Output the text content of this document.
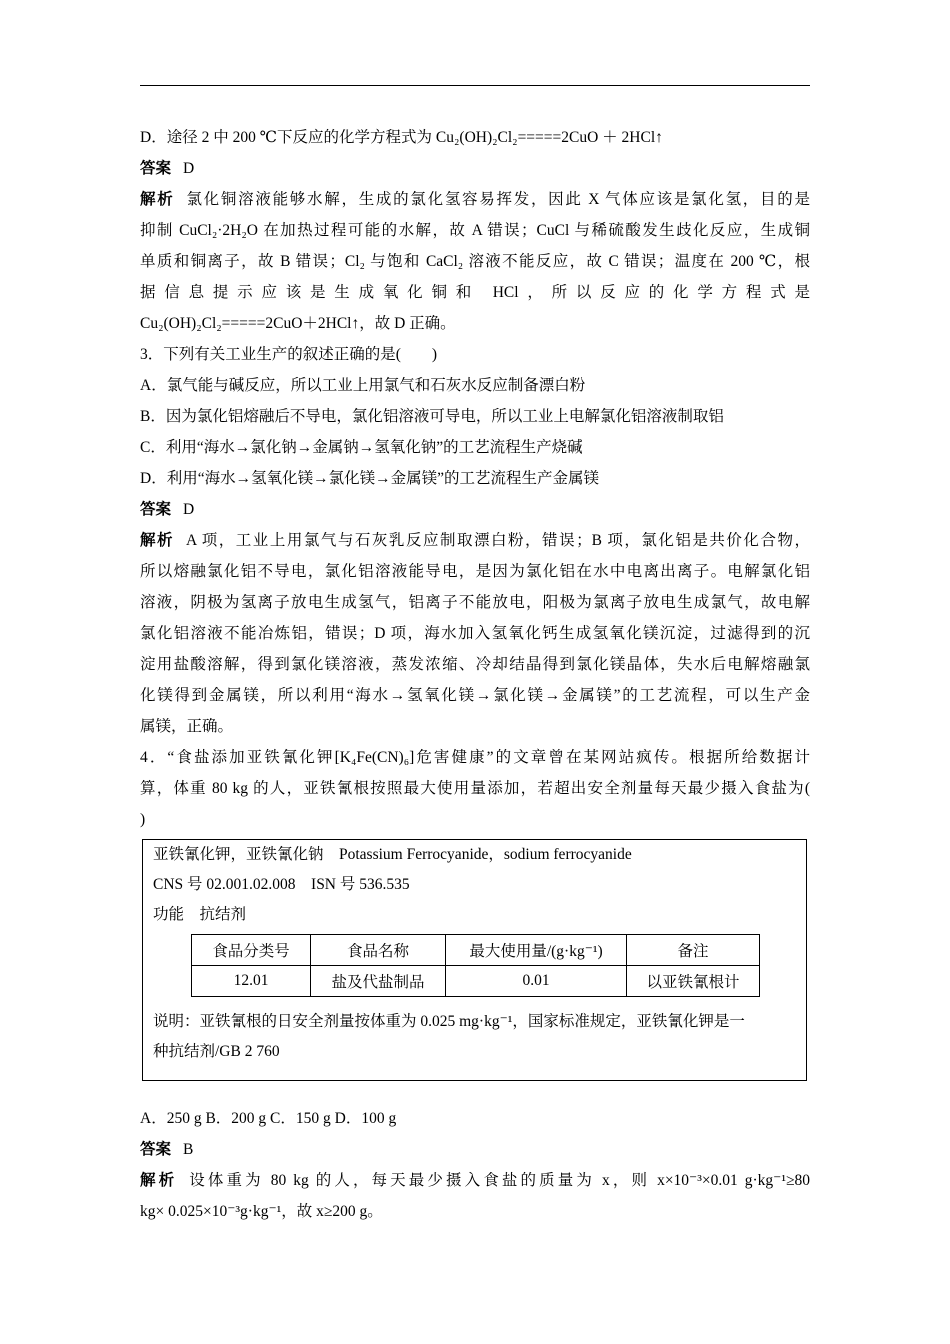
D．途径 2 中 200 ℃下反应的化学方程式为 Cu₂(OH)₂Cl₂=====2CuO ＋ 2HCl↑
答案 D
解析 氯化铜溶液能够水解，生成的氯化氢容易挥发，因此 X 气体应该是氯化氢，目的是
抑制 CuCl₂·2H₂O 在加热过程可能的水解，故 A 错误；CuCl 与稀硫酸发生歧化反应，生成铜
单质和铜离子，故 B 错误；Cl₂ 与饱和 CaCl₂ 溶液不能反应，故 C 错误；温度在 200 ℃，根
据信息提示应该是生成氧化铜和 HCl，所以反应的化学方程式是
Cu₂(OH)₂Cl₂=====2CuO＋2HCl↑，故 D 正确。
3．下列有关工业生产的叙述正确的是(　　)
A．氯气能与碱反应，所以工业上用氯气和石灰水反应制备漂白粉
B．因为氯化铝熔融后不导电，氯化铝溶液可导电，所以工业上电解氯化铝溶液制取铝
C．利用“海水→氯化钠→金属钠→氢氧化钠”的工艺流程生产烧碱
D．利用“海水→氢氧化镁→氯化镁→金属镁”的工艺流程生产金属镁
答案 D
解析 A 项，工业上用氯气与石灰乳反应制取漂白粉，错误；B 项，氯化铝是共价化合物，
所以熔融氯化铝不导电，氯化铝溶液能导电，是因为氯化铝在水中电离出离子。电解氯化铝
溶液，阴极为氢离子放电生成氢气，铝离子不能放电，阳极为氯离子放电生成氯气，故电解
氯化铝溶液不能冶炼铝，错误；D 项，海水加入氢氧化钙生成氢氧化镁沉淀，过滤得到的沉
淀用盐酸溶解，得到氯化镁溶液，蒸发浓缩、冷却结晶得到氯化镁晶体，失水后电解熔融氯
化镁得到金属镁，所以利用“海水→氢氧化镁→氯化镁→金属镁”的工艺流程，可以生产金
属镁，正确。
4．“食盐添加亚铁氰化钾[K₄Fe(CN)₆]危害健康”的文章曾在某网站疯传。根据所给数据计
算，体重 80 kg 的人，亚铁氰根按照最大使用量添加，若超出安全剂量每天最少摄入食盐为(
)
亚铁氰化钾，亚铁氰化钠　Potassium Ferrocyanide，sodium ferrocyanide
CNS 号 02.001.02.008　ISN 号 536.535
功能　抗结剂
食品分类号	食品名称	最大使用量/(g·kg⁻¹)	备注
12.01	盐及代盐制品	0.01	以亚铁氰根计
说明：亚铁氰根的日安全剂量按体重为 0.025 mg·kg⁻¹，国家标准规定，亚铁氰化钾是一
种抗结剂/GB 2 760
A．250 g B．200 g C．150 g D．100 g
答案 B
解析 设体重为 80 kg 的人，每天最少摄入食盐的质量为 x，则 x×10⁻³×0.01 g·kg⁻¹≥80
kg× 0.025×10⁻³g·kg⁻¹，故 x≥200 g。
